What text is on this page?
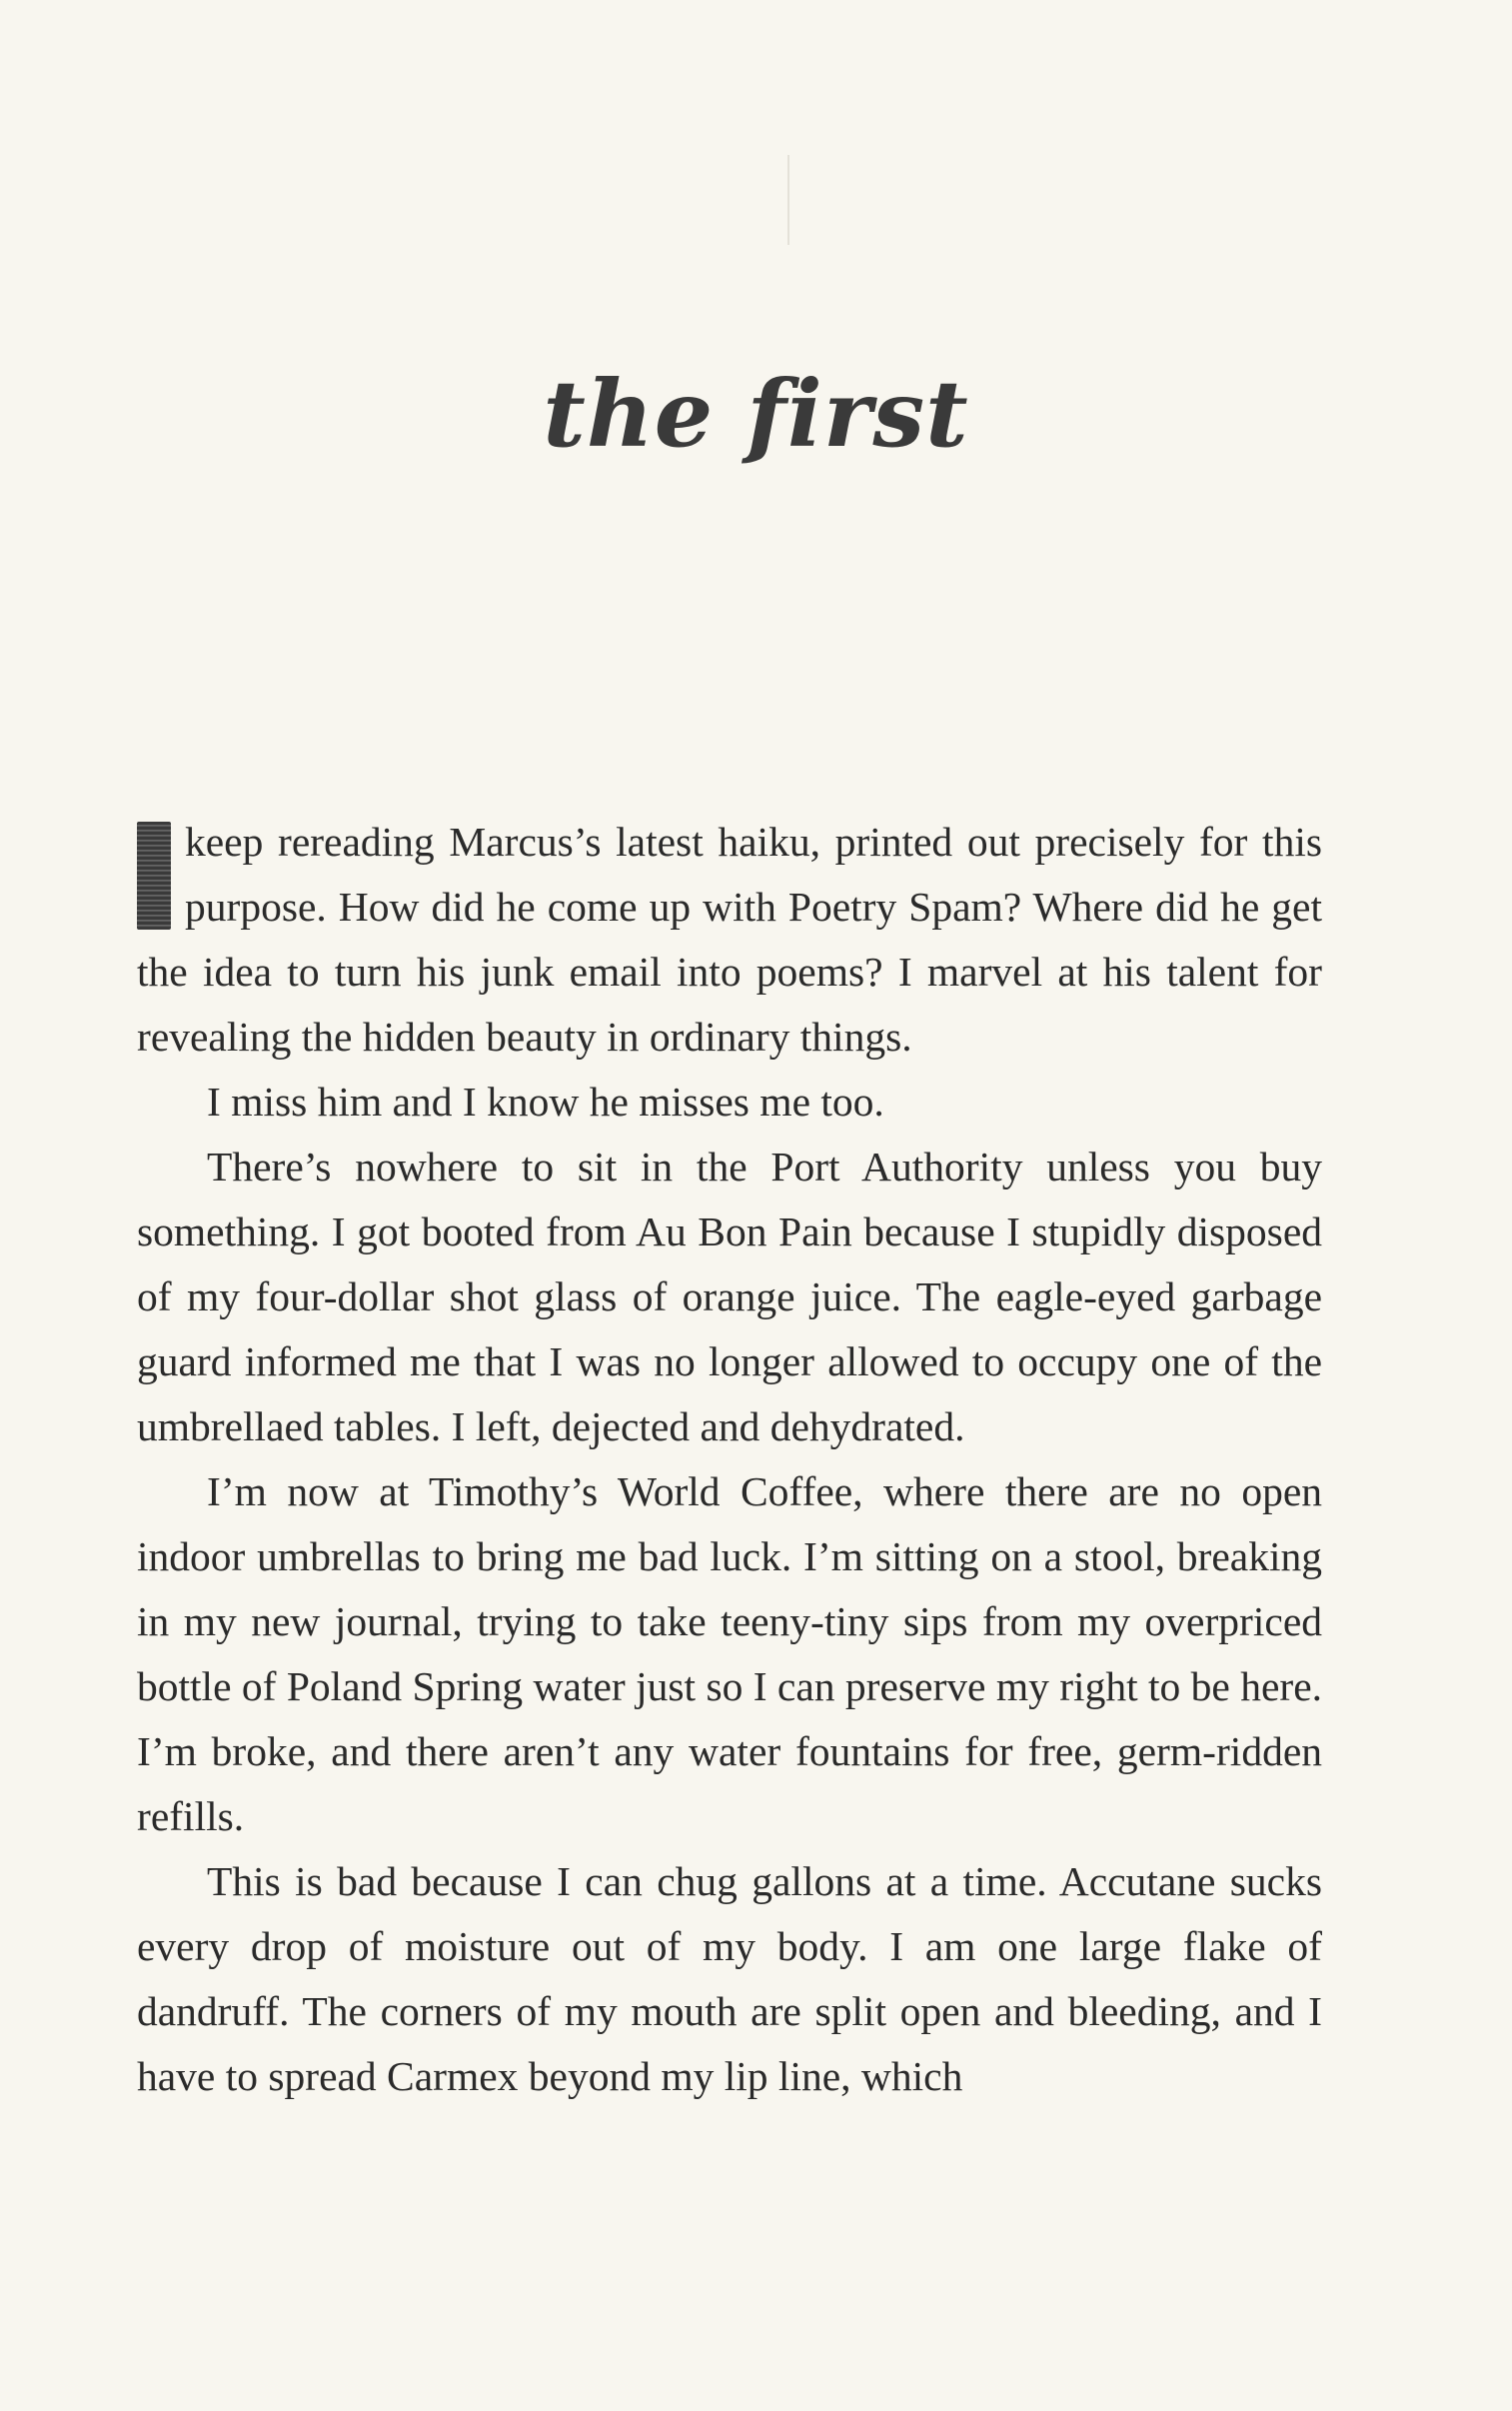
the first

keep rereading Marcus’s latest haiku, printed out precisely for this purpose. How did he come up with Poetry Spam? Where did he get the idea to turn his junk email into poems? I marvel at his talent for revealing the hidden beauty in ordinary things.

I miss him and I know he misses me too.

There’s nowhere to sit in the Port Authority unless you buy something. I got booted from Au Bon Pain because I stupidly disposed of my four-dollar shot glass of orange juice. The eagle-eyed garbage guard informed me that I was no longer allowed to occupy one of the umbrellaed tables. I left, dejected and dehydrated.

I’m now at Timothy’s World Coffee, where there are no open indoor umbrellas to bring me bad luck. I’m sitting on a stool, breaking in my new journal, trying to take teeny-tiny sips from my overpriced bottle of Poland Spring water just so I can preserve my right to be here. I’m broke, and there aren’t any water fountains for free, germ-ridden refills.

This is bad because I can chug gallons at a time. Accutane sucks every drop of moisture out of my body. I am one large flake of dandruff. The corners of my mouth are split open and bleeding, and I have to spread Carmex beyond my lip line, which
